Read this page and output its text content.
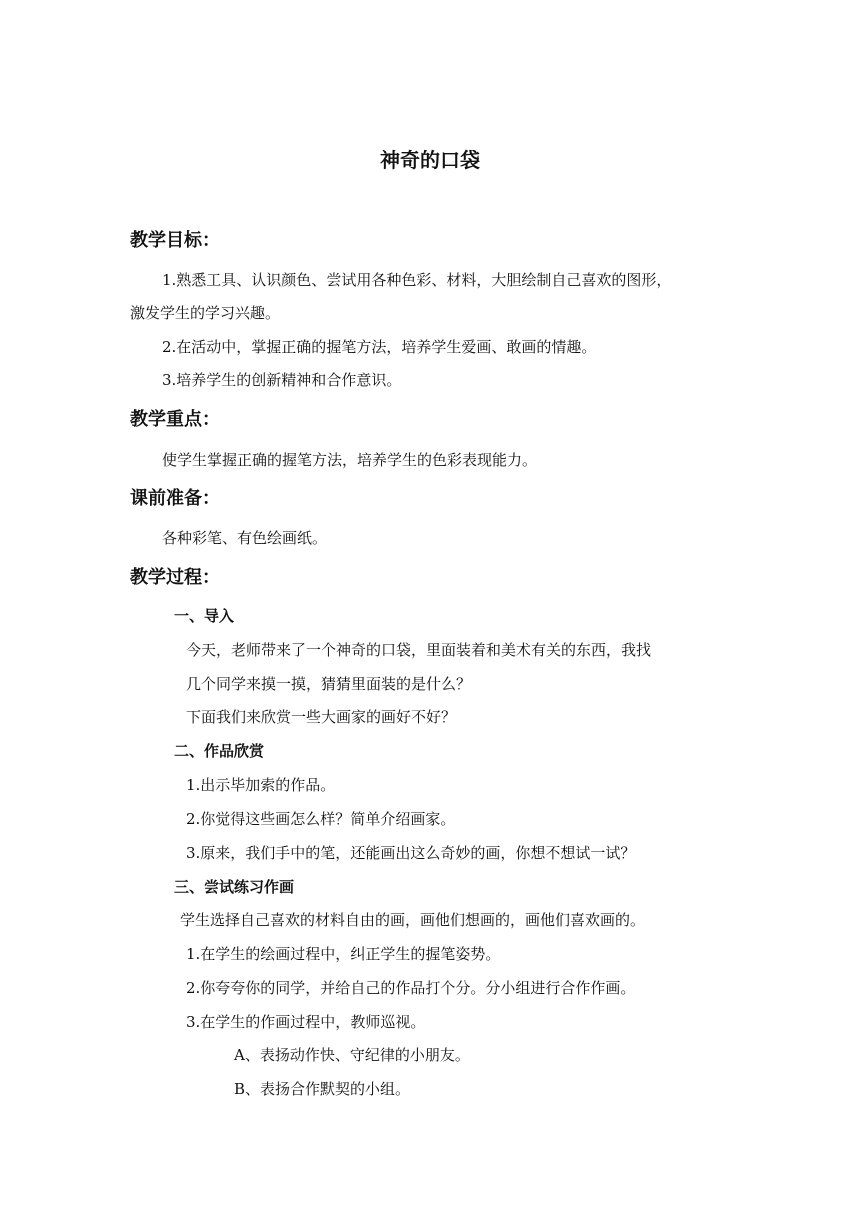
神奇的口袋
教学目标：
1.熟悉工具、认识颜色、尝试用各种色彩、材料，大胆绘制自己喜欢的图形，
激发学生的学习兴趣。
2.在活动中，掌握正确的握笔方法，培养学生爱画、敢画的情趣。
3.培养学生的创新精神和合作意识。
教学重点：
使学生掌握正确的握笔方法，培养学生的色彩表现能力。
课前准备：
各种彩笔、有色绘画纸。
教学过程：
一、导入
今天，老师带来了一个神奇的口袋，里面装着和美术有关的东西，我找
几个同学来摸一摸，猜猜里面装的是什么？
下面我们来欣赏一些大画家的画好不好？
二、作品欣赏
1.出示毕加索的作品。
2.你觉得这些画怎么样？简单介绍画家。
3.原来，我们手中的笔，还能画出这么奇妙的画，你想不想试一试？
三、尝试练习作画
学生选择自己喜欢的材料自由的画，画他们想画的，画他们喜欢画的。
1.在学生的绘画过程中，纠正学生的握笔姿势。
2.你夸夸你的同学，并给自己的作品打个分。分小组进行合作作画。
3.在学生的作画过程中，教师巡视。
A、表扬动作快、守纪律的小朋友。
B、表扬合作默契的小组。
